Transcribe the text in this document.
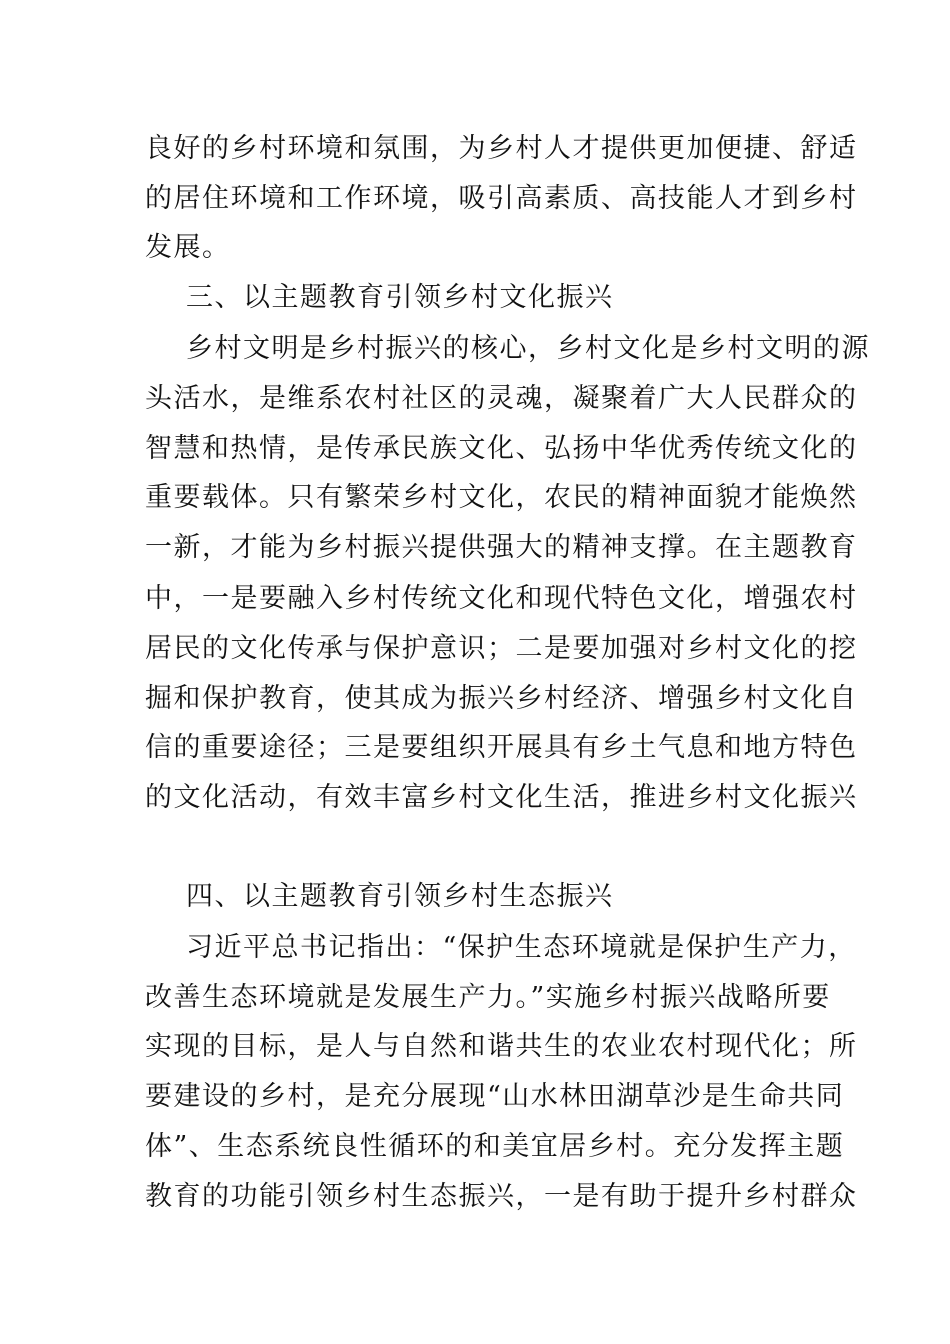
良好的乡村环境和氛围，为乡村人才提供更加便捷、舒适
的居住环境和工作环境，吸引高素质、高技能人才到乡村
发展。
三、以主题教育引领乡村文化振兴
乡村文明是乡村振兴的核心，乡村文化是乡村文明的源
头活水，是维系农村社区的灵魂，凝聚着广大人民群众的
智慧和热情，是传承民族文化、弘扬中华优秀传统文化的
重要载体。只有繁荣乡村文化，农民的精神面貌才能焕然
一新，才能为乡村振兴提供强大的精神支撑。在主题教育
中，一是要融入乡村传统文化和现代特色文化，增强农村
居民的文化传承与保护意识；二是要加强对乡村文化的挖
掘和保护教育，使其成为振兴乡村经济、增强乡村文化自
信的重要途径；三是要组织开展具有乡土气息和地方特色
的文化活动，有效丰富乡村文化生活，推进乡村文化振兴
四、以主题教育引领乡村生态振兴
习近平总书记指出：“保护生态环境就是保护生产力，
改善生态环境就是发展生产力。”实施乡村振兴战略所要
实现的目标，是人与自然和谐共生的农业农村现代化；所
要建设的乡村，是充分展现“山水林田湖草沙是生命共同
体”、生态系统良性循环的和美宜居乡村。充分发挥主题
教育的功能引领乡村生态振兴，一是有助于提升乡村群众
